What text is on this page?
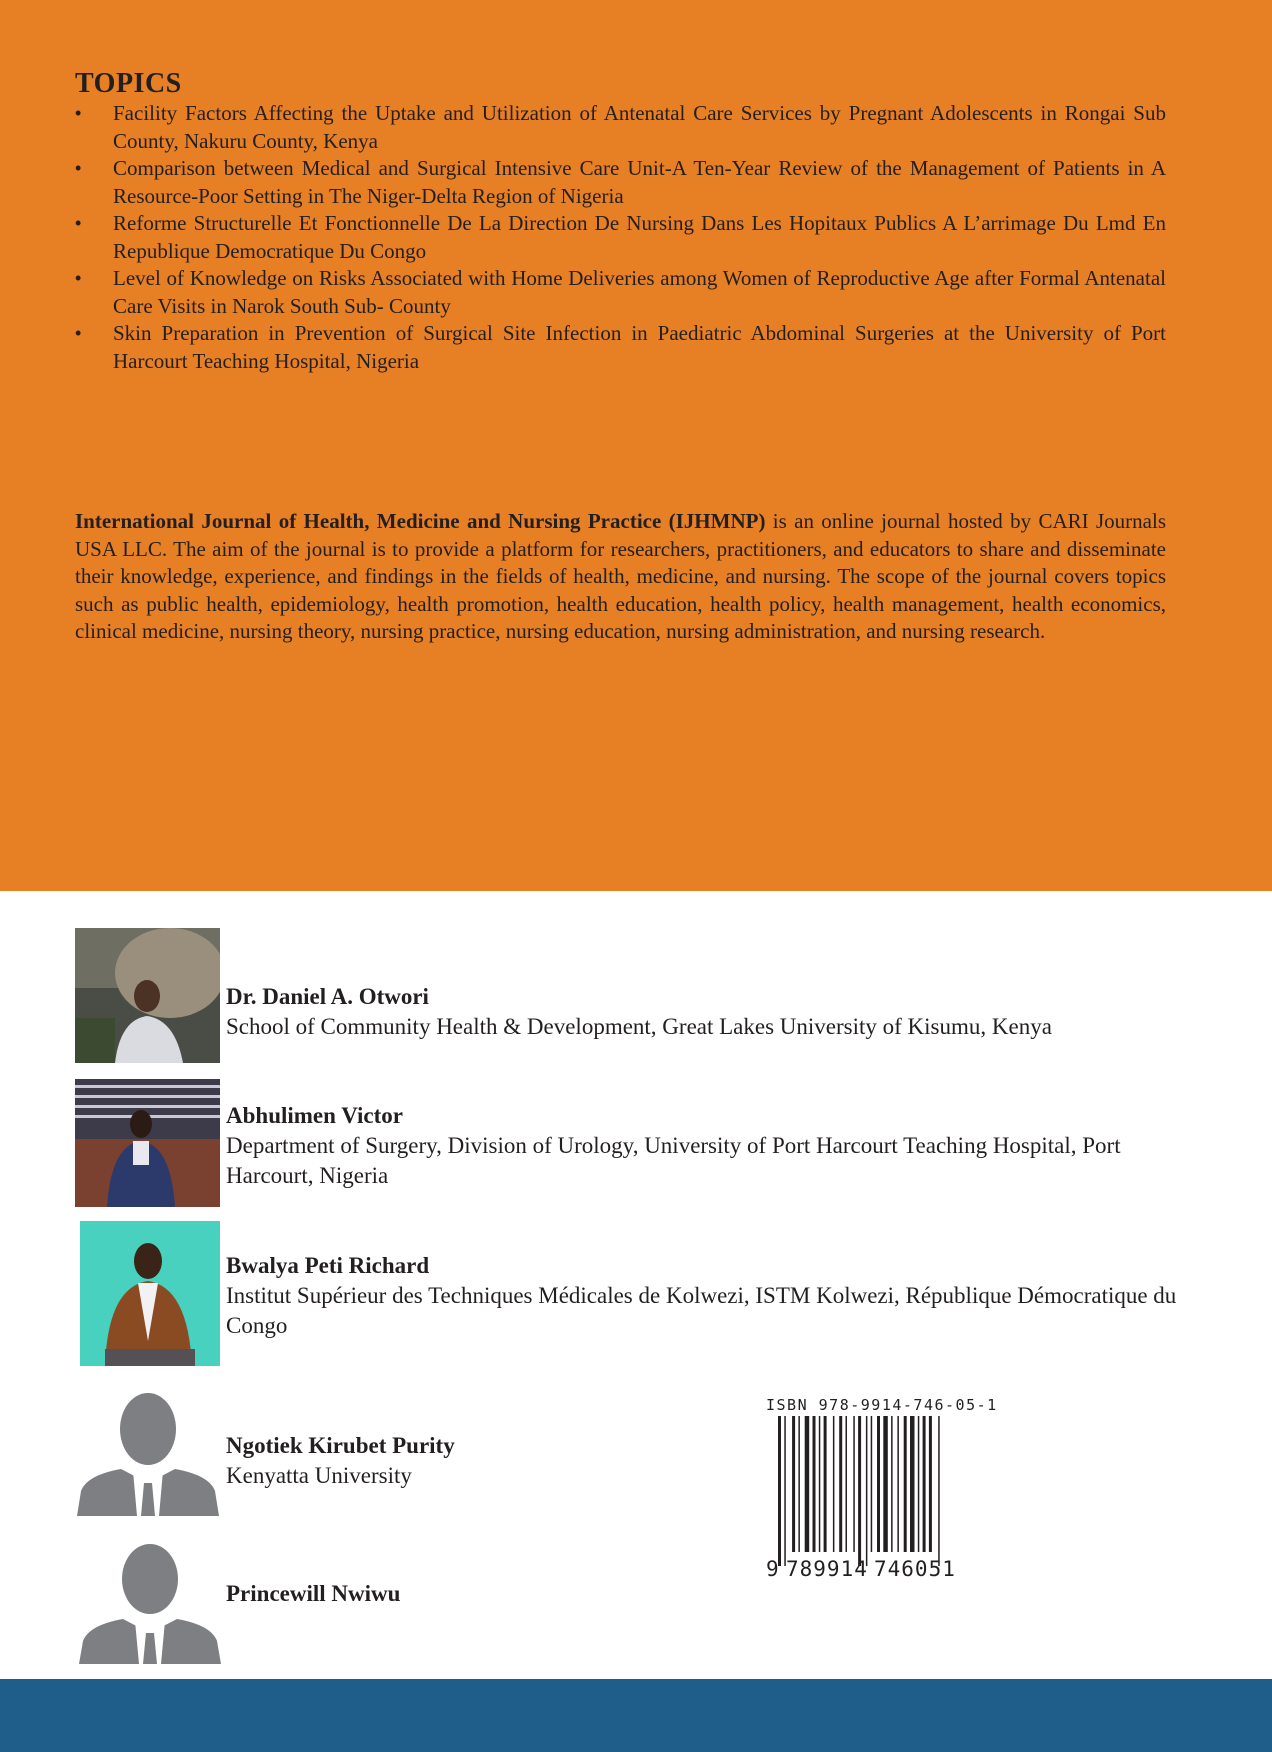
TOPICS
• Facility Factors Affecting the Uptake and Utilization of Antenatal Care Services by Pregnant Adolescents in Rongai Sub County, Nakuru County, Kenya
• Comparison between Medical and Surgical Intensive Care Unit-A Ten-Year Review of the Management of Patients in A Resource-Poor Setting in The Niger-Delta Region of Nigeria
• Reforme Structurelle Et Fonctionnelle De La Direction De Nursing Dans Les Hopitaux Publics A L’arrimage Du Lmd En Republique Democratique Du Congo
• Level of Knowledge on Risks Associated with Home Deliveries among Women of Reproductive Age after Formal Antenatal Care Visits in Narok South Sub- County
• Skin Preparation in Prevention of Surgical Site Infection in Paediatric Abdominal Surgeries at the University of Port Harcourt Teaching Hospital, Nigeria

International Journal of Health, Medicine and Nursing Practice (IJHMNP) is an online journal hosted by CARI Journals USA LLC. The aim of the journal is to provide a platform for researchers, practitioners, and educators to share and disseminate their knowledge, experience, and findings in the fields of health, medicine, and nursing. The scope of the journal covers topics such as public health, epidemiology, health promotion, health education, health policy, health management, health economics, clinical medicine, nursing theory, nursing practice, nursing education, nursing administration, and nursing research.

Dr. Daniel A. Otwori
School of Community Health & Development, Great Lakes University of Kisumu, Kenya
Abhulimen Victor
Department of Surgery, Division of Urology, University of Port Harcourt Teaching Hospital, Port Harcourt, Nigeria
Bwalya Peti Richard
Institut Supérieur des Techniques Médicales de Kolwezi, ISTM Kolwezi, République Démocratique du Congo
Ngotiek Kirubet Purity
Kenyatta University
Princewill Nwiwu
ISBN 978-9914-746-05-1
9 789914 746051
